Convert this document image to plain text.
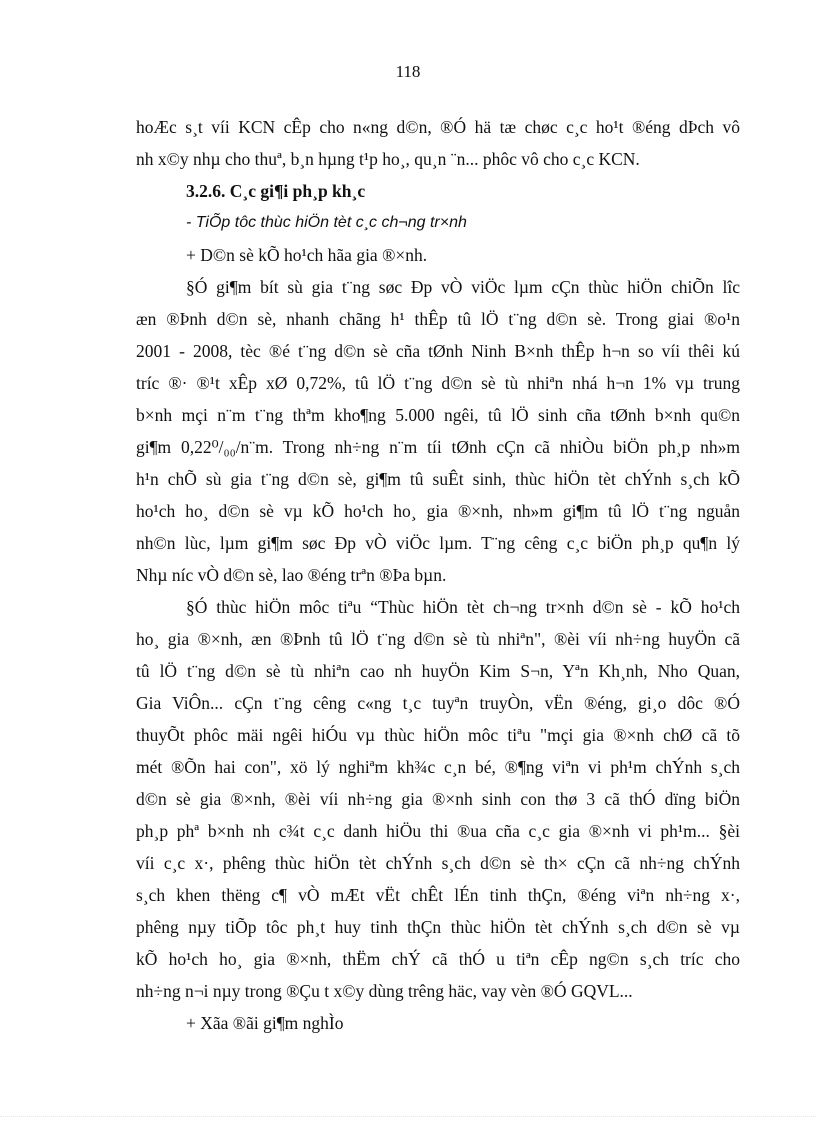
118
hoÆc s¸t víi KCN cÊp cho n«ng d©n, ®Ó hä tæ chøc c¸c ho¹t ®éng dÞch vô
nh x©y nhµ cho thuª, b¸n hµng t¹p ho¸, qu¸n ¨n... phôc vô cho c¸c KCN.
3.2.6. C¸c gi¶i ph¸p kh¸c
- TiÕp tôc thùc hiÖn tèt c¸c ch¬ng tr×nh
+ D©n sè kÕ ho¹ch hãa gia ®×nh.
§Ó gi¶m bít sù gia t¨ng søc Ðp vÒ viÖc lµm cÇn thùc hiÖn chiÕn lîc
æn ®Þnh d©n sè, nhanh chãng h¹ thÊp tû lÖ t¨ng d©n sè. Trong giai ®o¹n
2001 - 2008, tèc ®é t¨ng d©n sè cña tØnh Ninh B×nh thÊp h¬n so víi thêi kú
tríc ®· ®¹t xÊp xØ 0,72%, tû lÖ t¨ng d©n sè tù nhiªn nhá h¬n 1% vµ trung
b×nh mçi n¨m t¨ng thªm kho¶ng 5.000 ngêi, tû lÖ sinh cña tØnh b×nh qu©n
gi¶m 0,22⁰/₀₀/n¨m. Trong nh÷ng n¨m tíi tØnh cÇn cã nhiÒu biÖn ph¸p nh»m
h¹n chÕ sù gia t¨ng d©n sè, gi¶m tû suÊt sinh, thùc hiÖn tèt chÝnh s¸ch kÕ
ho¹ch ho¸ d©n sè vµ kÕ ho¹ch ho¸ gia ®×nh, nh»m gi¶m tû lÖ t¨ng nguån
nh©n lùc, lµm gi¶m søc Ðp vÒ viÖc lµm. T¨ng cêng c¸c biÖn ph¸p qu¶n lý
Nhµ níc vÒ d©n sè, lao ®éng trªn ®Þa bµn.
§Ó thùc hiÖn môc tiªu “Thùc hiÖn tèt ch¬ng tr×nh d©n sè - kÕ ho¹ch
ho¸ gia ®×nh, æn ®Þnh tû lÖ t¨ng d©n sè tù nhiªn", ®èi víi nh÷ng huyÖn cã
tû lÖ t¨ng d©n sè tù nhiªn cao nh huyÖn Kim S¬n, Yªn Kh¸nh, Nho Quan,
Gia ViÔn... cÇn t¨ng cêng c«ng t¸c tuyªn truyÒn, vËn ®éng, gi¸o dôc ®Ó
thuyÕt phôc mäi ngêi hiÓu vµ thùc hiÖn môc tiªu "mçi gia ®×nh chØ cã tõ
mét ®Õn hai con", xö lý nghiªm kh¾c c¸n bé, ®¶ng viªn vi ph¹m chÝnh s¸ch
d©n sè gia ®×nh, ®èi víi nh÷ng gia ®×nh sinh con thø 3 cã thÓ dïng biÖn
ph¸p phª b×nh nh c¾t c¸c danh hiÖu thi ®ua cña c¸c gia ®×nh vi ph¹m... §èi
víi c¸c x·, phêng thùc hiÖn tèt chÝnh s¸ch d©n sè th× cÇn cã nh÷ng chÝnh
s¸ch khen thëng c¶ vÒ mÆt vËt chÊt lÉn tinh thÇn, ®éng viªn nh÷ng x·,
phêng nµy tiÕp tôc ph¸t huy tinh thÇn thùc hiÖn tèt chÝnh s¸ch d©n sè vµ
kÕ ho¹ch ho¸ gia ®×nh, thËm chÝ cã thÓ u tiªn cÊp ng©n s¸ch tríc cho
nh÷ng n¬i nµy trong ®Çu t x©y dùng trêng häc, vay vèn ®Ó GQVL...
+ Xãa ®ãi gi¶m nghÌo
